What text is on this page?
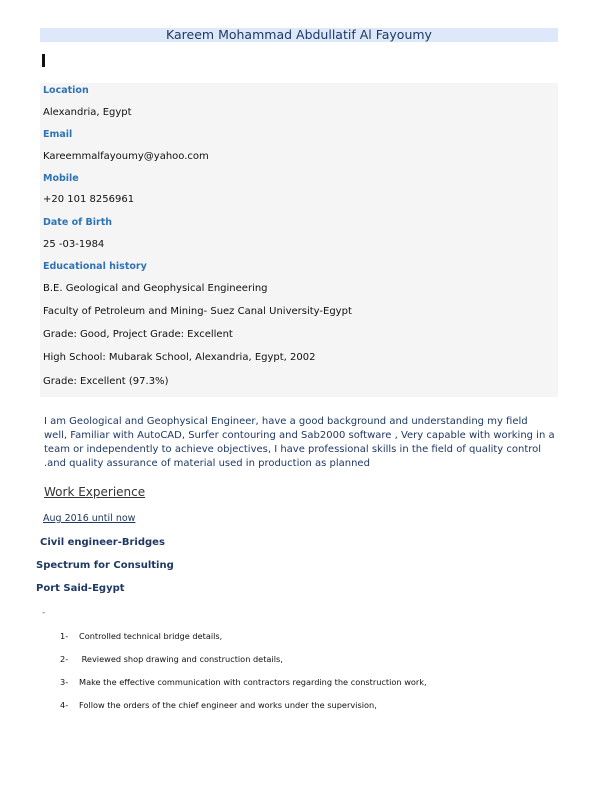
Kareem Mohammad Abdullatif Al Fayoumy
Location
Alexandria, Egypt
Email
Kareemmalfayoumy@yahoo.com
Mobile
+20 101 8256961
Date of Birth
25 -03-1984
Educational history
B.E. Geological and Geophysical Engineering
Faculty of Petroleum and Mining- Suez Canal University-Egypt
Grade: Good, Project Grade: Excellent
High School: Mubarak School, Alexandria, Egypt, 2002
Grade: Excellent (97.3%)
I am Geological and Geophysical Engineer, have a good background and understanding my field
well, Familiar with AutoCAD, Surfer contouring and Sab2000 software , Very capable with working in a
team or independently to achieve objectives, I have professional skills in the field of quality control
.and quality assurance of material used in production as planned
Work Experience
Aug 2016 until now
Civil engineer-Bridges
Spectrum for Consulting
Port Said-Egypt
-
1- Controlled technical bridge details,
2- Reviewed shop drawing and construction details,
3- Make the effective communication with contractors regarding the construction work,
4- Follow the orders of the chief engineer and works under the supervision,
